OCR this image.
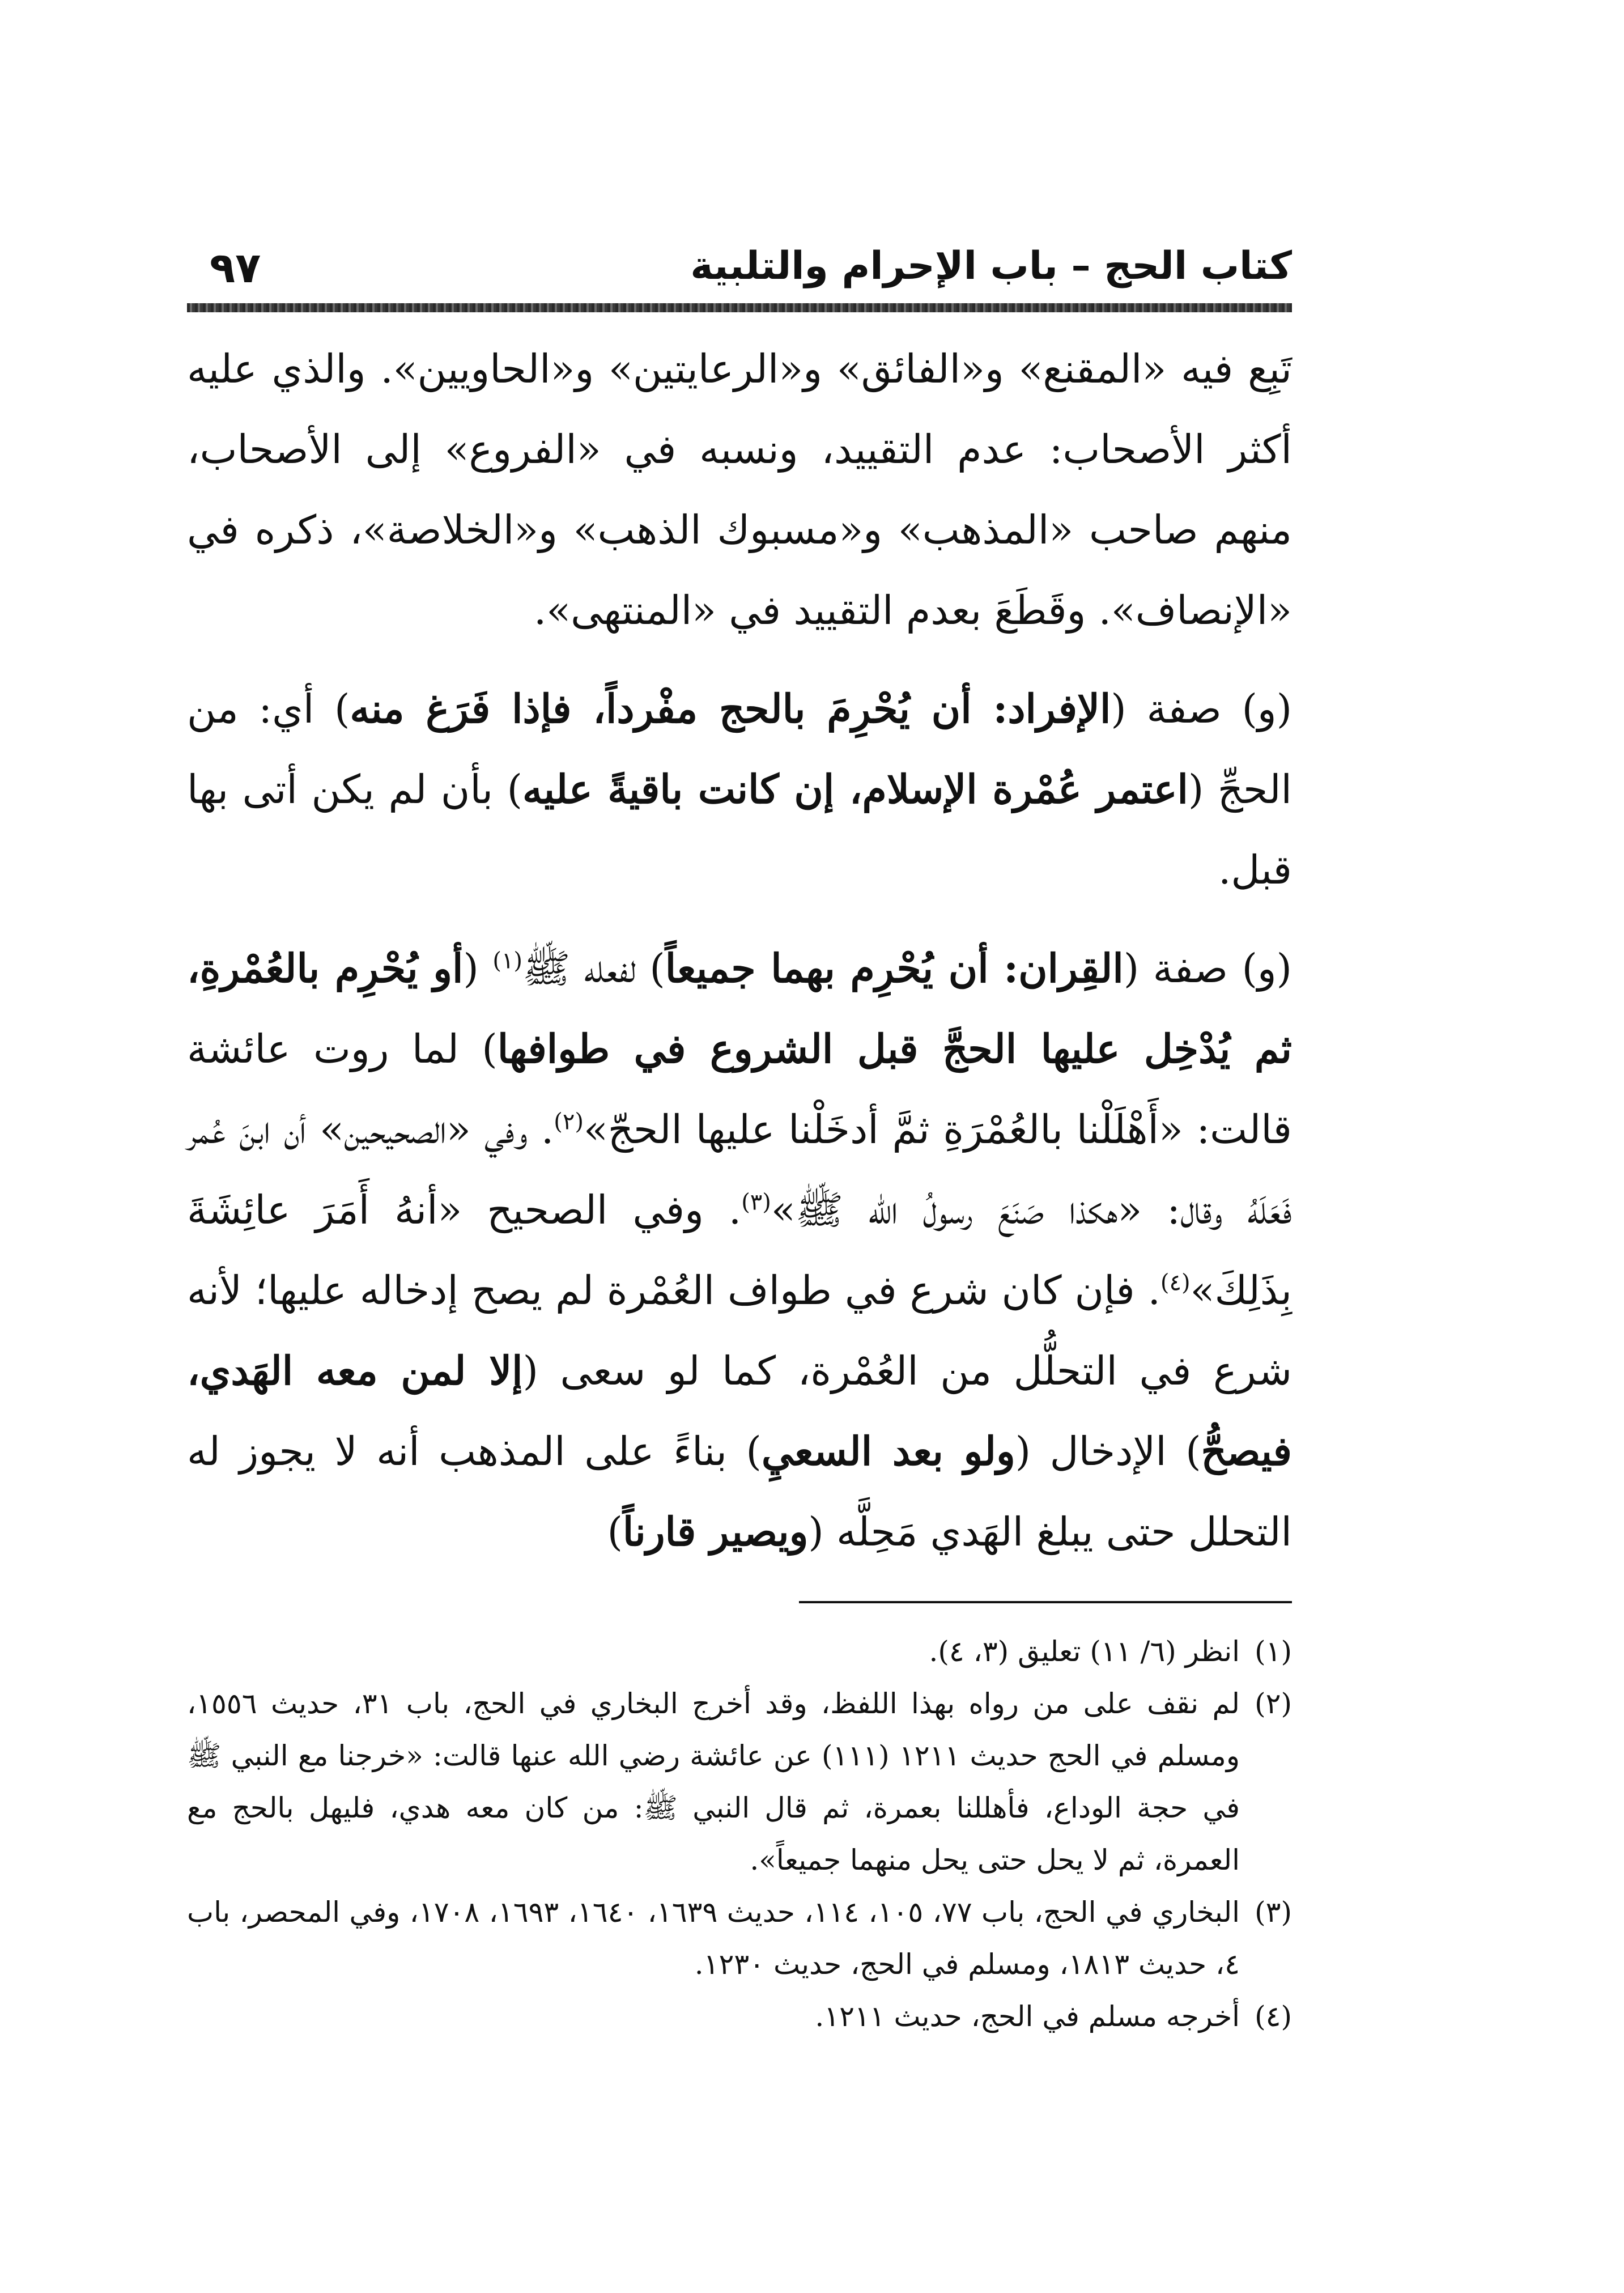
كتاب الحج – باب الإحرام والتلبية
٩٧

تَبِع فيه «المقنع» و«الفائق» و«الرعايتين» و«الحاويين». والذي عليه أكثر الأصحاب: عدم التقييد، ونسبه في «الفروع» إلى الأصحاب، منهم صاحب «المذهب» و«مسبوك الذهب» و«الخلاصة»، ذكره في «الإنصاف». وقَطَعَ بعدم التقييد في «المنتهى».

(و) صفة (الإفراد: أن يُحْرِمَ بالحج مفْرداً، فإذا فَرَغ منه) أي: من الحجِّ (اعتمر عُمْرة الإسلام، إن كانت باقيةً عليه) بأن لم يكن أتى بها قبل.

(و) صفة (القِران: أن يُحْرِم بهما جميعاً) لفعله ﷺ$^{(١)}$ (أو يُحْرِم بالعُمْرةِ، ثم يُدْخِل عليها الحجَّ قبل الشروع في طوافها) لما روت عائشة قالت: «أَهْلَلْنا بالعُمْرَةِ ثمَّ أدخَلْنا عليها الحجّ»$^{(٢)}$. وفي «الصحيحين» أن ابنَ عُمر فَعَلَهُ وقال: «هكذا صَنَعَ رسولُ الله ﷺ»$^{(٣)}$. وفي الصحيح «أنهُ أَمَرَ عائِشَةَ بِذَلِكَ»$^{(٤)}$. فإن كان شرع في طواف العُمْرة لم يصح إدخاله عليها؛ لأنه شرع في التحلُّل من العُمْرة، كما لو سعى (إلا لمن معه الهَدي، فيصحُّ) الإدخال (ولو بعد السعيِ) بناءً على المذهب أنه لا يجوز له التحلل حتى يبلغ الهَدي مَحِلَّه (ويصير قارناً)

(١)
انظر (٦/ ١١) تعليق (٣، ٤).
(٢)
لم نقف على من رواه بهذا اللفظ، وقد أخرج البخاري في الحج، باب ٣١، حديث ١٥٥٦، ومسلم في الحج حديث ١٢١١ (١١١) عن عائشة رضي الله عنها قالت: «خرجنا مع النبي ﷺ في حجة الوداع، فأهللنا بعمرة، ثم قال النبي ﷺ: من كان معه هدي، فليهل بالحج مع العمرة، ثم لا يحل حتى يحل منهما جميعاً».
(٣)
البخاري في الحج، باب ٧٧، ١٠٥، ١١٤، حديث ١٦٣٩، ١٦٤٠، ١٦٩٣، ١٧٠٨، وفي المحصر، باب ٤، حديث ١٨١٣، ومسلم في الحج، حديث ١٢٣٠.
(٤)
أخرجه مسلم في الحج، حديث ١٢١١.
